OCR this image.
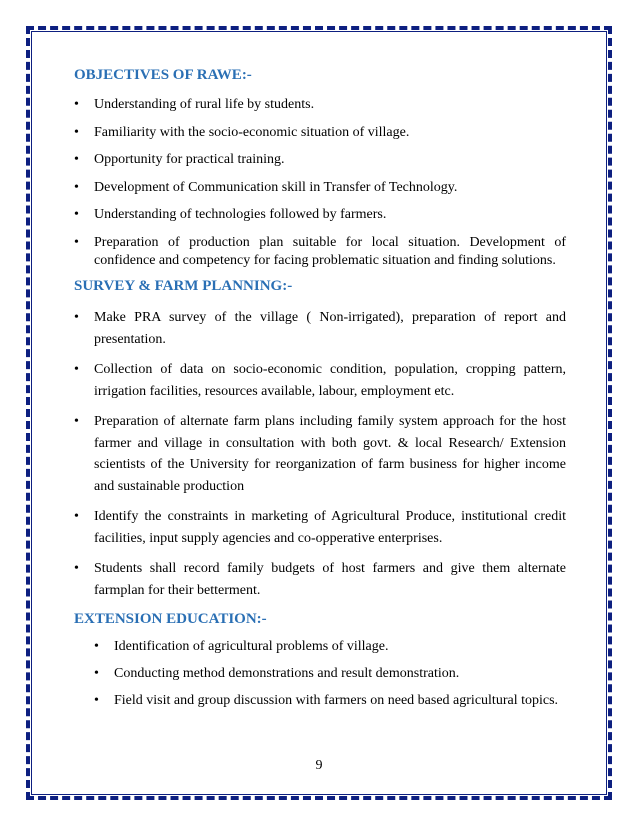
OBJECTIVES OF RAWE:-
• Understanding of rural life by students.
• Familiarity with the socio-economic situation of village.
• Opportunity for practical training.
• Development of Communication skill in Transfer of Technology.
• Understanding of technologies followed by farmers.
• Preparation of production plan suitable for local situation. Development of confidence and competency for facing problematic situation and finding solutions.
SURVEY & FARM PLANNING:-
• Make PRA survey of the village ( Non-irrigated), preparation of report and presentation.
• Collection of data on socio-economic condition, population, cropping pattern, irrigation facilities, resources available, labour, employment etc.
• Preparation of alternate farm plans including family system approach for the host farmer and village in consultation with both govt. & local Research/ Extension scientists of the University for reorganization of farm business for higher income and sustainable production
• Identify the constraints in marketing of Agricultural Produce, institutional credit facilities, input supply agencies and co-opperative enterprises.
• Students shall record family budgets of host farmers and give them alternate farmplan for their betterment.
EXTENSION EDUCATION:-
• Identification of agricultural problems of village.
• Conducting method demonstrations and result demonstration.
• Field visit and group discussion with farmers on need based agricultural topics.
9
